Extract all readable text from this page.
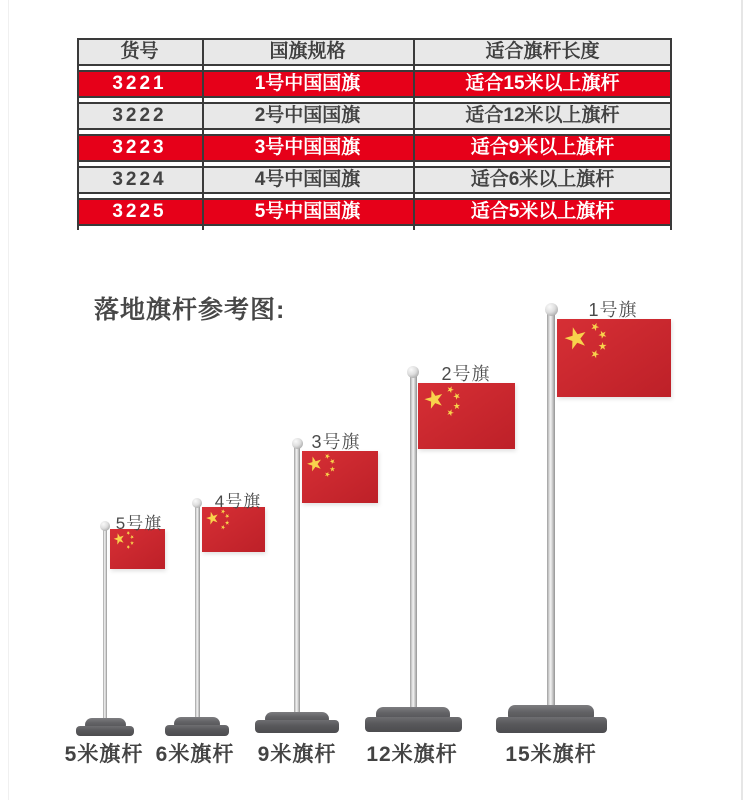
货号	国旗规格	适合旗杆长度
3221	1号中国国旗	适合15米以上旗杆
3222	2号中国国旗	适合12米以上旗杆
3223	3号中国国旗	适合9米以上旗杆
3224	4号中国国旗	适合6米以上旗杆
3225	5号中国国旗	适合5米以上旗杆
落地旗杆参考图:
5号旗
5米旗杆
4号旗
6米旗杆
3号旗
9米旗杆
2号旗
12米旗杆
1号旗
15米旗杆
